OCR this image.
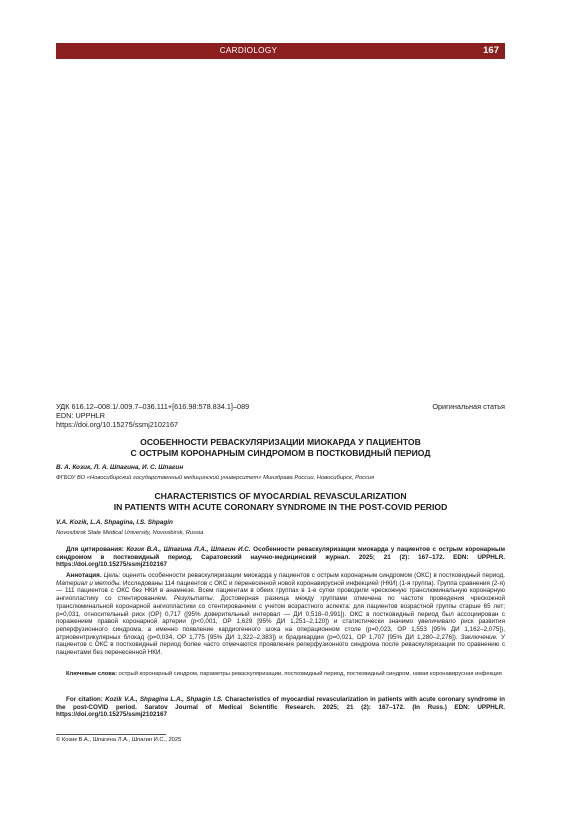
CARDIOLOGY	167
УДК 616.12–008.1/.009.7–036.111+[616.98:578.834.1]–089	Оригинальная статья
EDN: UPPHLR
https://doi.org/10.15275/ssmj2102167
ОСОБЕННОСТИ РЕВАСКУЛЯРИЗАЦИИ МИОКАРДА У ПАЦИЕНТОВ
С ОСТРЫМ КОРОНАРНЫМ СИНДРОМОМ В ПОСТКОВИДНЫЙ ПЕРИОД
В. А. Козик, Л. А. Шпагина, И. С. Шпагин
ФГБОУ ВО «Новосибирский государственный медицинский университет» Минздрава России, Новосибирск, Россия
CHARACTERISTICS OF MYOCARDIAL REVASCULARIZATION
IN PATIENTS WITH ACUTE CORONARY SYNDROME IN THE POST-COVID PERIOD
V.A. Kozik, L.A. Shpagina, I.S. Shpagin
Novosibirsk State Medical University, Novosibirsk, Russia
Для цитирования: Козик В.А., Шпагина Л.А., Шпагин И.С. Особенности реваскуляризации миокарда у пациентов с острым коронарным синдромом в постковидный период. Саратовский научно-медицинский журнал. 2025; 21 (2): 167–172. EDN: UPPHLR. https://doi.org/10.15275/ssmj2102167
Аннотация. Цель: оценить особенности реваскуляризации миокарда у пациентов с острым коронарным синдромом (ОКС) в постковидный период. Материал и методы. Исследованы 114 пациентов с ОКС и перенесенной новой коронавирусной инфекцией (НКИ) (1-я группа). Группа сравнения (2-я) — 111 пациентов с ОКС без НКИ в анамнезе. Всем пациентам в обеих группах в 1-е сутки проводили чрескожную транслюминальную коронарную ангиопластику со стентированием. Результаты. Достоверная разница между группами отмечена по частоте проведения чрескожной транслюминальной коронарной ангиопластики со стентированием с учетом возрастного аспекта: для пациентов возрастной группы старше 65 лет; p=0,031, относительный риск (ОР) 0,717 ([95% доверительный интервал — ДИ 0,518–0,991]). ОКС в постковидный период был ассоциирован с поражением правой коронарной артерии (p<0,001, ОР 1,629 [95% ДИ 1,251–2,120]) и статистически значимо увеличивало риск развития реперфузионного синдрома, а именно появление кардиогенного шока на операционном столе (p=0,023, ОР 1,553 [95% ДИ 1,162–2,075]), атриовентрикулярных блокад (p=0,034, ОР 1,775 [95% ДИ 1,322–2,383]) и брадикардии (p=0,021, ОР 1,707 [95% ДИ 1,280–2,276]). Заключение. У пациентов с ОКС в постковидный период более часто отмечаются проявления реперфузионного синдрома после реваскуляризации по сравнению с пациентами без перенесенной НКИ.
Ключевые слова: острый коронарный синдром, параметры реваскуляризации, постковидный период, постковидный синдром, новая коронавирусная инфекция
For citation: Kozik V.A., Shpagina L.A., Shpagin I.S. Characteristics of myocardial revascularization in patients with acute coronary syndrome in the post-COVID period. Saratov Journal of Medical Scientific Research. 2025; 21 (2): 167–172. (In Russ.) EDN: UPPHLR. https://doi.org/10.15275/ssmj2102167
© Козик В.А., Шпагина Л.А., Шпагин И.С., 2025
